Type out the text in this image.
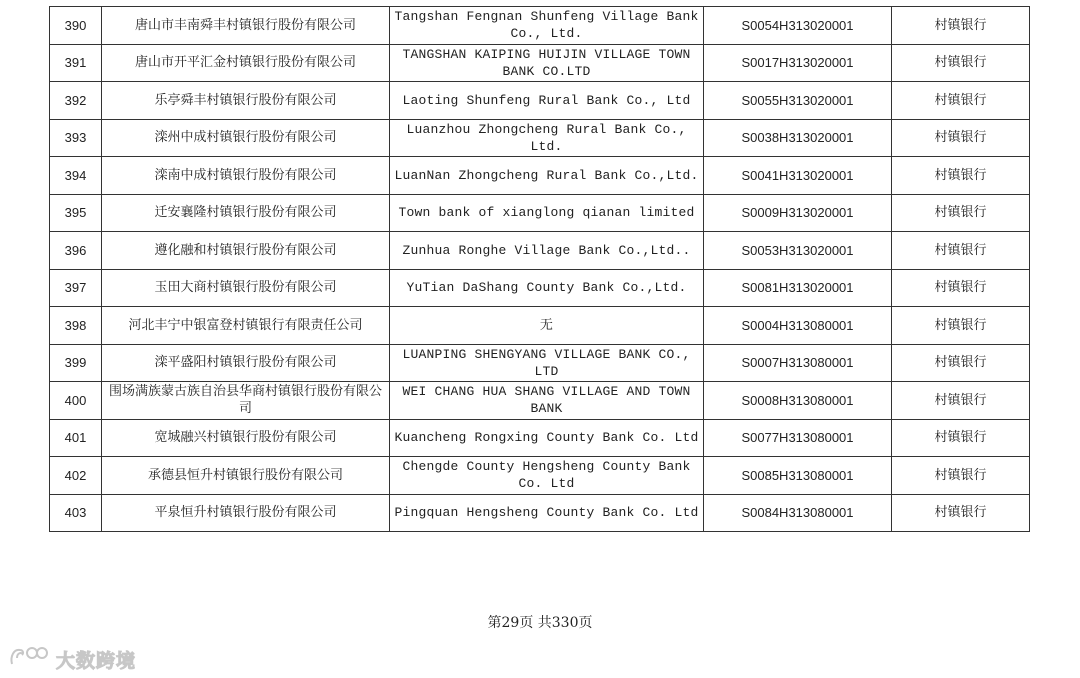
390	唐山市丰南舜丰村镇银行股份有限公司	Tangshan Fengnan Shunfeng Village Bank Co., Ltd.	S0054H313020001	村镇银行
391	唐山市开平汇金村镇银行股份有限公司	TANGSHAN KAIPING HUIJIN VILLAGE TOWN BANK CO.LTD	S0017H313020001	村镇银行
392	乐亭舜丰村镇银行股份有限公司	Laoting Shunfeng Rural Bank Co., Ltd	S0055H313020001	村镇银行
393	滦州中成村镇银行股份有限公司	Luanzhou Zhongcheng Rural Bank Co., Ltd.	S0038H313020001	村镇银行
394	滦南中成村镇银行股份有限公司	LuanNan Zhongcheng Rural Bank Co.,Ltd.	S0041H313020001	村镇银行
395	迁安襄隆村镇银行股份有限公司	Town bank of xianglong qianan limited	S0009H313020001	村镇银行
396	遵化融和村镇银行股份有限公司	Zunhua Ronghe Village Bank Co.,Ltd..	S0053H313020001	村镇银行
397	玉田大商村镇银行股份有限公司	YuTian DaShang County Bank Co.,Ltd.	S0081H313020001	村镇银行
398	河北丰宁中银富登村镇银行有限责任公司	无	S0004H313080001	村镇银行
399	滦平盛阳村镇银行股份有限公司	LUANPING SHENGYANG VILLAGE BANK CO., LTD	S0007H313080001	村镇银行
400	围场满族蒙古族自治县华商村镇银行股份有限公司	WEI CHANG HUA SHANG VILLAGE AND TOWN BANK	S0008H313080001	村镇银行
401	宽城融兴村镇银行股份有限公司	Kuancheng Rongxing County Bank Co. Ltd	S0077H313080001	村镇银行
402	承德县恒升村镇银行股份有限公司	Chengde County Hengsheng County Bank Co. Ltd	S0085H313080001	村镇银行
403	平泉恒升村镇银行股份有限公司	Pingquan Hengsheng County Bank Co. Ltd	S0084H313080001	村镇银行
第29页 共330页
大数跨境
